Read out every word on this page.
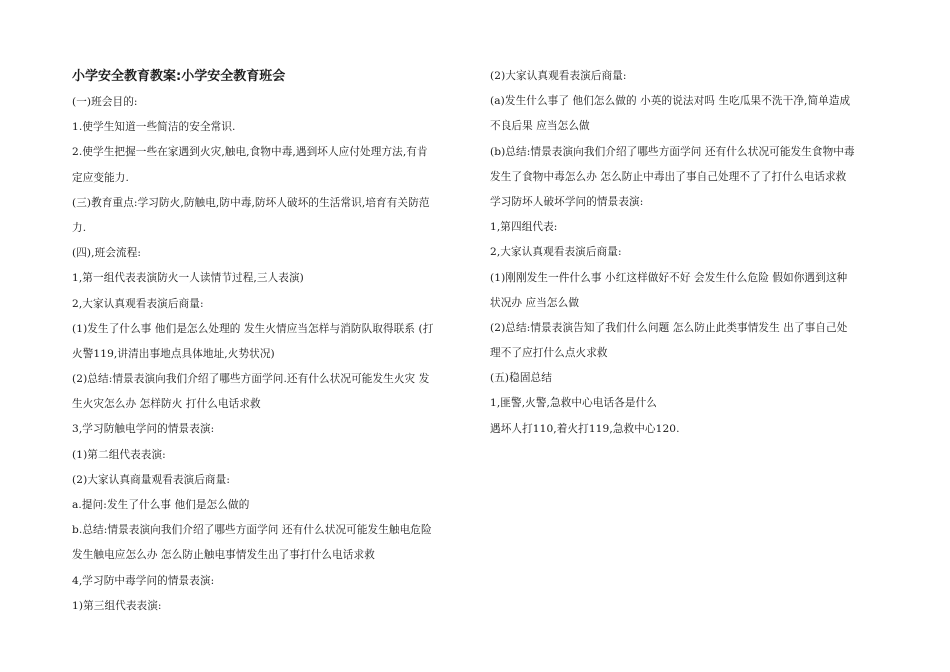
小学安全教育教案:小学安全教育班会
(一)班会目的:
1.使学生知道一些简洁的安全常识.
2.使学生把握一些在家遇到火灾,触电,食物中毒,遇到坏人应付处理方法,有肯
定应变能力.
(三)教育重点:学习防火,防触电,防中毒,防坏人破坏的生活常识,培育有关防范
力.
(四),班会流程:
1,第一组代表表演防火一人读情节过程,三人表演)
2,大家认真观看表演后商量:
(1)发生了什么事 他们是怎么处理的 发生火情应当怎样与消防队取得联系 (打
火警119,讲清出事地点具体地址,火势状况)
(2)总结:情景表演向我们介绍了哪些方面学问.还有什么状况可能发生火灾 发
生火灾怎么办 怎样防火 打什么电话求救
3,学习防触电学问的情景表演:
(1)第二组代表表演:
(2)大家认真商量观看表演后商量:
a.提问:发生了什么事 他们是怎么做的
b.总结:情景表演向我们介绍了哪些方面学问 还有什么状况可能发生触电危险
发生触电应怎么办 怎么防止触电事情发生出了事打什么电话求救
4,学习防中毒学问的情景表演:
1)第三组代表表演:
(2)大家认真观看表演后商量:
(a)发生什么事了 他们怎么做的 小英的说法对吗 生吃瓜果不洗干净,简单造成
不良后果 应当怎么做
(b)总结:情景表演向我们介绍了哪些方面学问 还有什么状况可能发生食物中毒
发生了食物中毒怎么办 怎么防止中毒出了事自己处理不了了打什么电话求救
学习防坏人破坏学问的情景表演:
1,第四组代表:
2,大家认真观看表演后商量:
(1)刚刚发生一件什么事 小红这样做好不好 会发生什么危险 假如你遇到这种
状况办 应当怎么做
(2)总结:情景表演告知了我们什么问题 怎么防止此类事情发生 出了事自己处
理不了应打什么点火求救
(五)稳固总结
1,匪警,火警,急救中心电话各是什么
遇坏人打110,着火打119,急救中心120.
